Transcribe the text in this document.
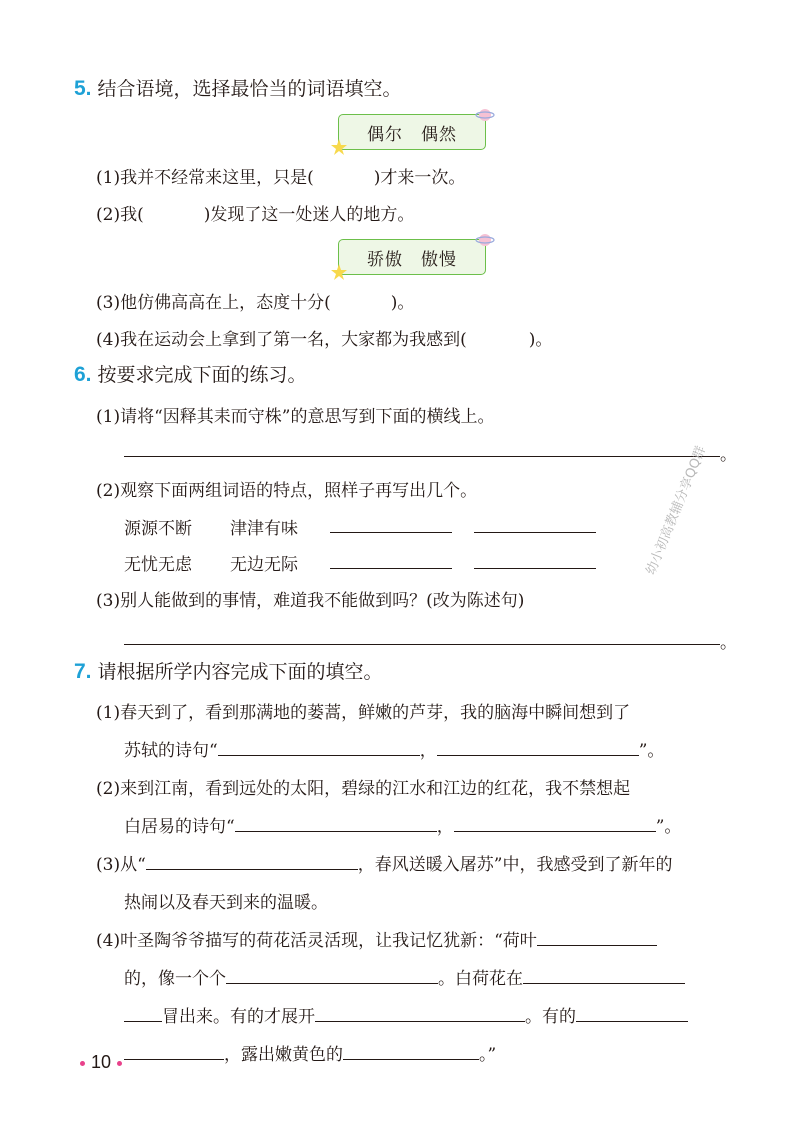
5. 结合语境，选择最恰当的词语填空。
偶尔 偶然
(1)我并不经常来这里，只是(	)才来一次。
(2)我(	)发现了这一处迷人的地方。
骄傲 傲慢
(3)他仿佛高高在上，态度十分(	)。
(4)我在运动会上拿到了第一名，大家都为我感到(	)。
6. 按要求完成下面的练习。
(1)请将“因释其耒而守株”的意思写到下面的横线上。
。
(2)观察下面两组词语的特点，照样子再写出几个。
源源不断 津津有味
无忧无虑 无边无际
(3)别人能做到的事情，难道我不能做到吗？(改为陈述句)
。
幼小初高教辅分享QQ群
7. 请根据所学内容完成下面的填空。
(1)春天到了，看到那满地的蒌蒿，鲜嫩的芦芽，我的脑海中瞬间想到了
苏轼的诗句“	，	”。
(2)来到江南，看到远处的太阳，碧绿的江水和江边的红花，我不禁想起
白居易的诗句“	，	”。
(3)从“	，春风送暖入屠苏”中，我感受到了新年的
热闹以及春天到来的温暖。
(4)叶圣陶爷爷描写的荷花活灵活现，让我记忆犹新：“荷叶
的，像一个个	。白荷花在
冒出来。有的才展开	。有的
，露出嫩黄色的	。”
10
